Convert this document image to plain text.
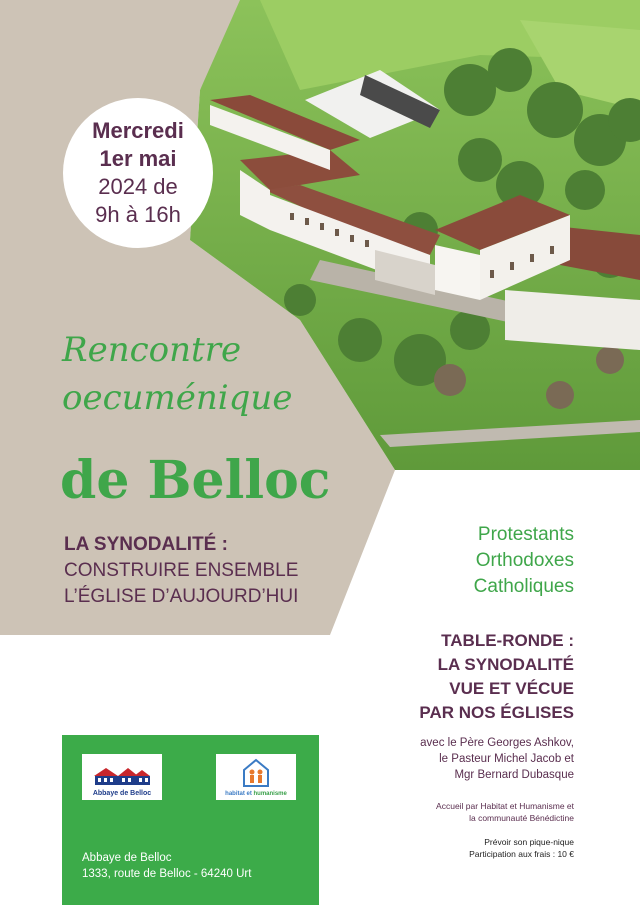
Mercredi
1er mai
2024 de
9h à 16h
Rencontre
oecuménique
de Belloc
LA SYNODALITÉ :
CONSTRUIRE ENSEMBLE
L’ÉGLISE D’AUJOURD’HUI
Protestants
Orthodoxes
Catholiques
TABLE-RONDE :
LA SYNODALITÉ
VUE ET VÉCUE
PAR NOS ÉGLISES
avec le Père Georges Ashkov,
le Pasteur Michel Jacob et
Mgr Bernard Dubasque
Accueil par Habitat et Humanisme et
la communauté Bénédictine
Prévoir son pique-nique
Participation aux frais : 10 €
Abbaye de Belloc	habitat et humanisme
Abbaye de Belloc
1333, route de Belloc - 64240 Urt
